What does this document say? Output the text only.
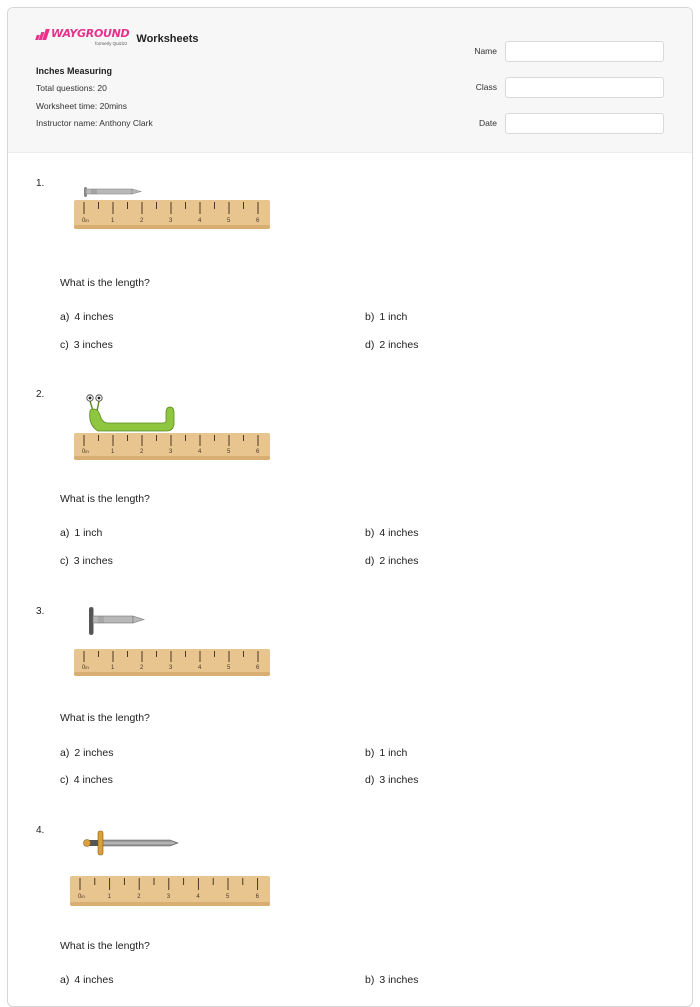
WAYGROUND
formerly Quizizz Worksheets
Inches Measuring
Total questions: 20
Worksheet time: 20mins
Instructor name: Anthony Clark
Name
Class
Date
1.
0in	1	2	3	4	5	6
What is the length?
a) 4 inches	b) 1 inch
c) 3 inches	d) 2 inches
2.
0in	1	2	3	4	5	6
What is the length?
a) 1 inch	b) 4 inches
c) 3 inches	d) 2 inches
3.
0in	1	2	3	4	5	6
What is the length?
a) 2 inches	b) 1 inch
c) 4 inches	d) 3 inches
4.
0in	1	2	3	4	5	6
What is the length?
a) 4 inches	b) 3 inches
